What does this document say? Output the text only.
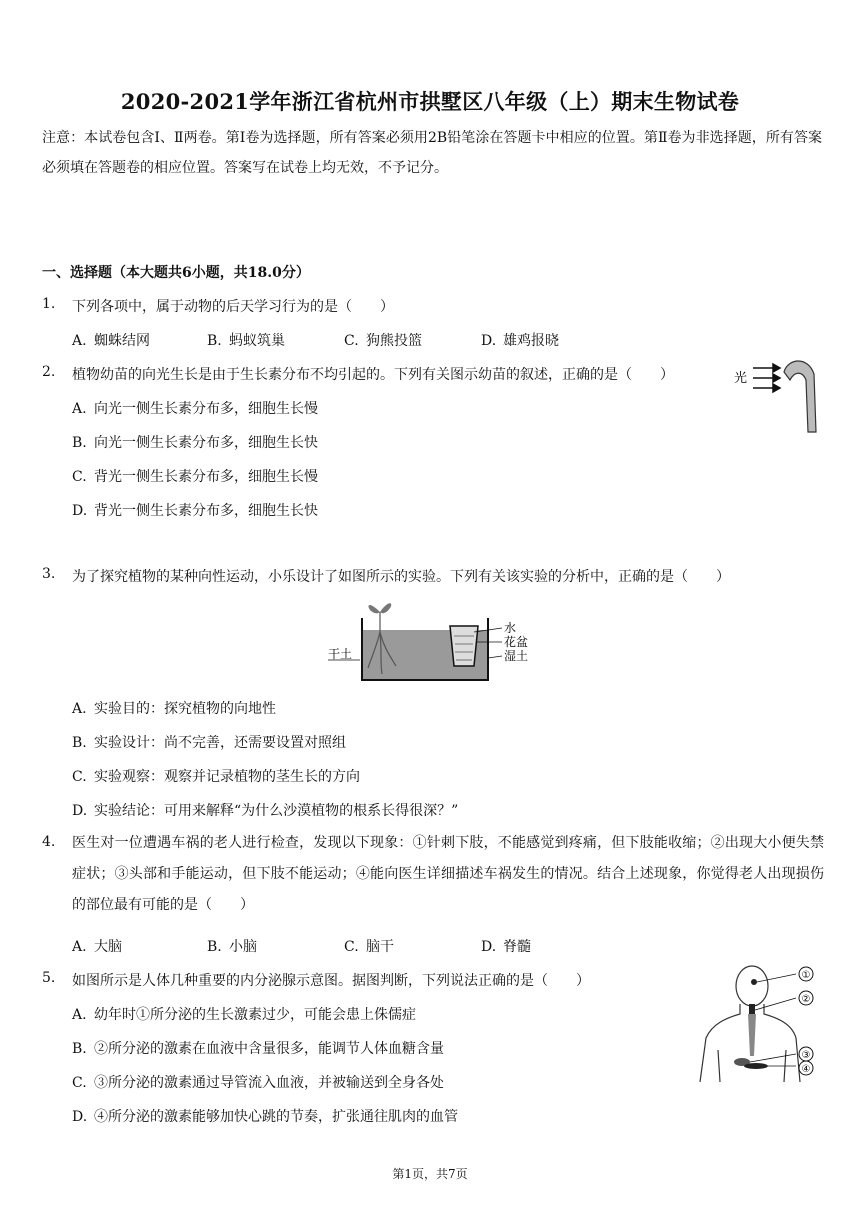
2020-2021学年浙江省杭州市拱墅区八年级（上）期末生物试卷
注意：本试卷包含Ⅰ、Ⅱ两卷。第Ⅰ卷为选择题，所有答案必须用2B铅笔涂在答题卡中相应的位置。第Ⅱ卷为非选择题，所有答案必须填在答题卷的相应位置。答案写在试卷上均无效，不予记分。
一、选择题（本大题共6小题，共18.0分）
1. 下列各项中，属于动物的后天学习行为的是（　　）
A. 蜘蛛结网	B. 蚂蚁筑巢	C. 狗熊投篮	D. 雄鸡报晓
2. 植物幼苗的向光生长是由于生长素分布不均引起的。下列有关图示幼苗的叙述，正确的是（　　）	光
A. 向光一侧生长素分布多，细胞生长慢
B. 向光一侧生长素分布多，细胞生长快
C. 背光一侧生长素分布多，细胞生长慢
D. 背光一侧生长素分布多，细胞生长快
3. 为了探究植物的某种向性运动，小乐设计了如图所示的实验。下列有关该实验的分析中，正确的是（　　）
水
花盆
湿土
干土
A. 实验目的：探究植物的向地性
B. 实验设计：尚不完善，还需要设置对照组
C. 实验观察：观察并记录植物的茎生长的方向
D. 实验结论：可用来解释“为什么沙漠植物的根系长得很深？”
4. 医生对一位遭遇车祸的老人进行检查，发现以下现象：①针刺下肢，不能感觉到疼痛，但下肢能收缩；②出现大小便失禁症状；③头部和手能运动，但下肢不能运动；④能向医生详细描述车祸发生的情况。结合上述现象，你觉得老人出现损伤的部位最有可能的是（　　）
A. 大脑	B. 小脑	C. 脑干	D. 脊髓
5. 如图所示是人体几种重要的内分泌腺示意图。据图判断，下列说法正确的是（　　）	①
②
③
④
A. 幼年时①所分泌的生长激素过少，可能会患上侏儒症
B. ②所分泌的激素在血液中含量很多，能调节人体血糖含量
C. ③所分泌的激素通过导管流入血液，并被输送到全身各处
D. ④所分泌的激素能够加快心跳的节奏，扩张通往肌肉的血管
第1页，共7页
